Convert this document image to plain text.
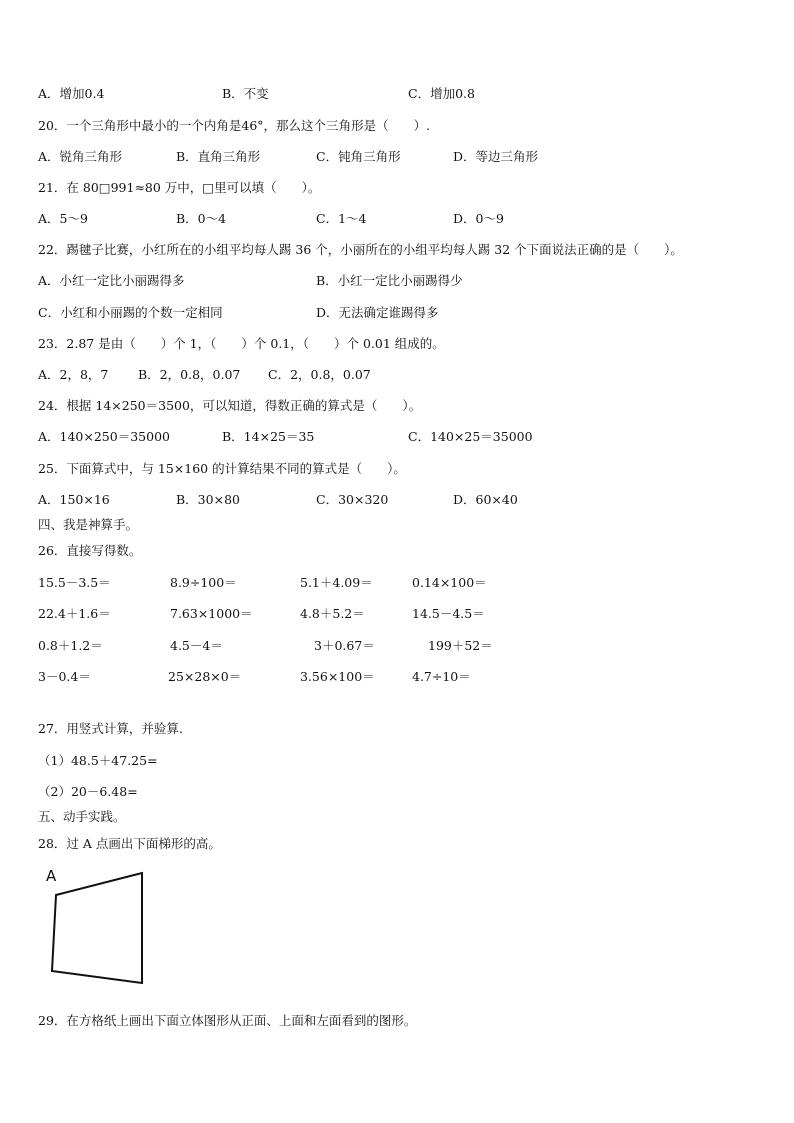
A．增加0.4	B．不变	C．增加0.8
20．一个三角形中最小的一个内角是46°，那么这个三角形是（　　）.
A．锐角三角形	B．直角三角形	C．钝角三角形	D．等边三角形
21．在 80□991≈80 万中，□里可以填（　　）。
A．5～9	B．0～4	C．1～4	D．0～9
22．踢毽子比赛，小红所在的小组平均每人踢 36 个，小丽所在的小组平均每人踢 32 个下面说法正确的是（　　）。
A．小红一定比小丽踢得多	B．小红一定比小丽踢得少
C．小红和小丽踢的个数一定相同	D．无法确定谁踢得多
23．2.87 是由（　　）个 1，（　　）个 0.1，（　　）个 0.01 组成的。
A．2，8，7 B．2，0.8，0.07 C．2，0.8，0.07
24．根据 14×250＝3500，可以知道，得数正确的算式是（　　）。
A．140×250＝35000	B．14×25＝35	C．140×25＝35000
25．下面算式中，与 15×160 的计算结果不同的算式是（　　）。
A．150×16	B．30×80	C．30×320	D．60×40
四、我是神算手。
26．直接写得数。
15.5－3.5＝	8.9÷100＝	5.1＋4.09＝	0.14×100＝
22.4＋1.6＝	7.63×1000＝	4.8＋5.2＝	14.5－4.5＝
0.8＋1.2＝	4.5－4＝	3＋0.67＝	199＋52＝
3－0.4＝	25×28×0＝	3.56×100＝	4.7÷10＝
27．用竖式计算，并验算.
（1）48.5＋47.25=
（2）20－6.48=
五、动手实践。
28．过 A 点画出下面梯形的高。
A
29．在方格纸上画出下面立体图形从正面、上面和左面看到的图形。
